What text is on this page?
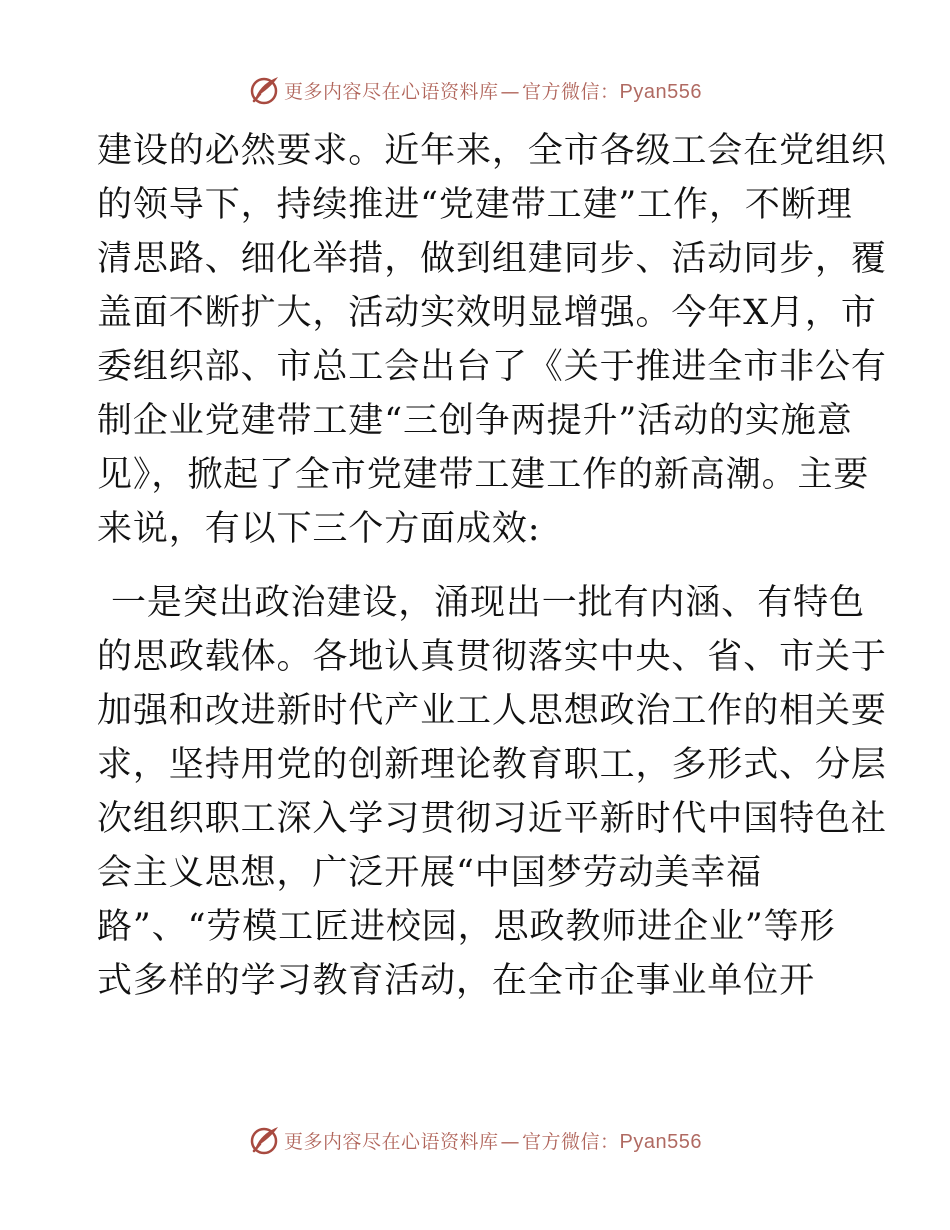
更多内容尽在心语资料库 — 官方微信：Pyan556
建设的必然要求。近年来，全市各级工会在党组织
的领导下，持续推进“党建带工建”工作，不断理
清思路、细化举措，做到组建同步、活动同步，覆
盖面不断扩大，活动实效明显增强。今年X月，市
委组织部、市总工会出台了《关于推进全市非公有
制企业党建带工建“三创争两提升”活动的实施意
见》，掀起了全市党建带工建工作的新高潮。主要
来说，有以下三个方面成效:
一是突出政治建设，涌现出一批有内涵、有特色
的思政载体。各地认真贯彻落实中央、省、市关于
加强和改进新时代产业工人思想政治工作的相关要
求，坚持用党的创新理论教育职工，多形式、分层
次组织职工深入学习贯彻习近平新时代中国特色社
会主义思想，广泛开展“中国梦劳动美幸福
路”、“劳模工匠进校园，思政教师进企业”等形
式多样的学习教育活动，在全市企事业单位开
更多内容尽在心语资料库 — 官方微信：Pyan556
